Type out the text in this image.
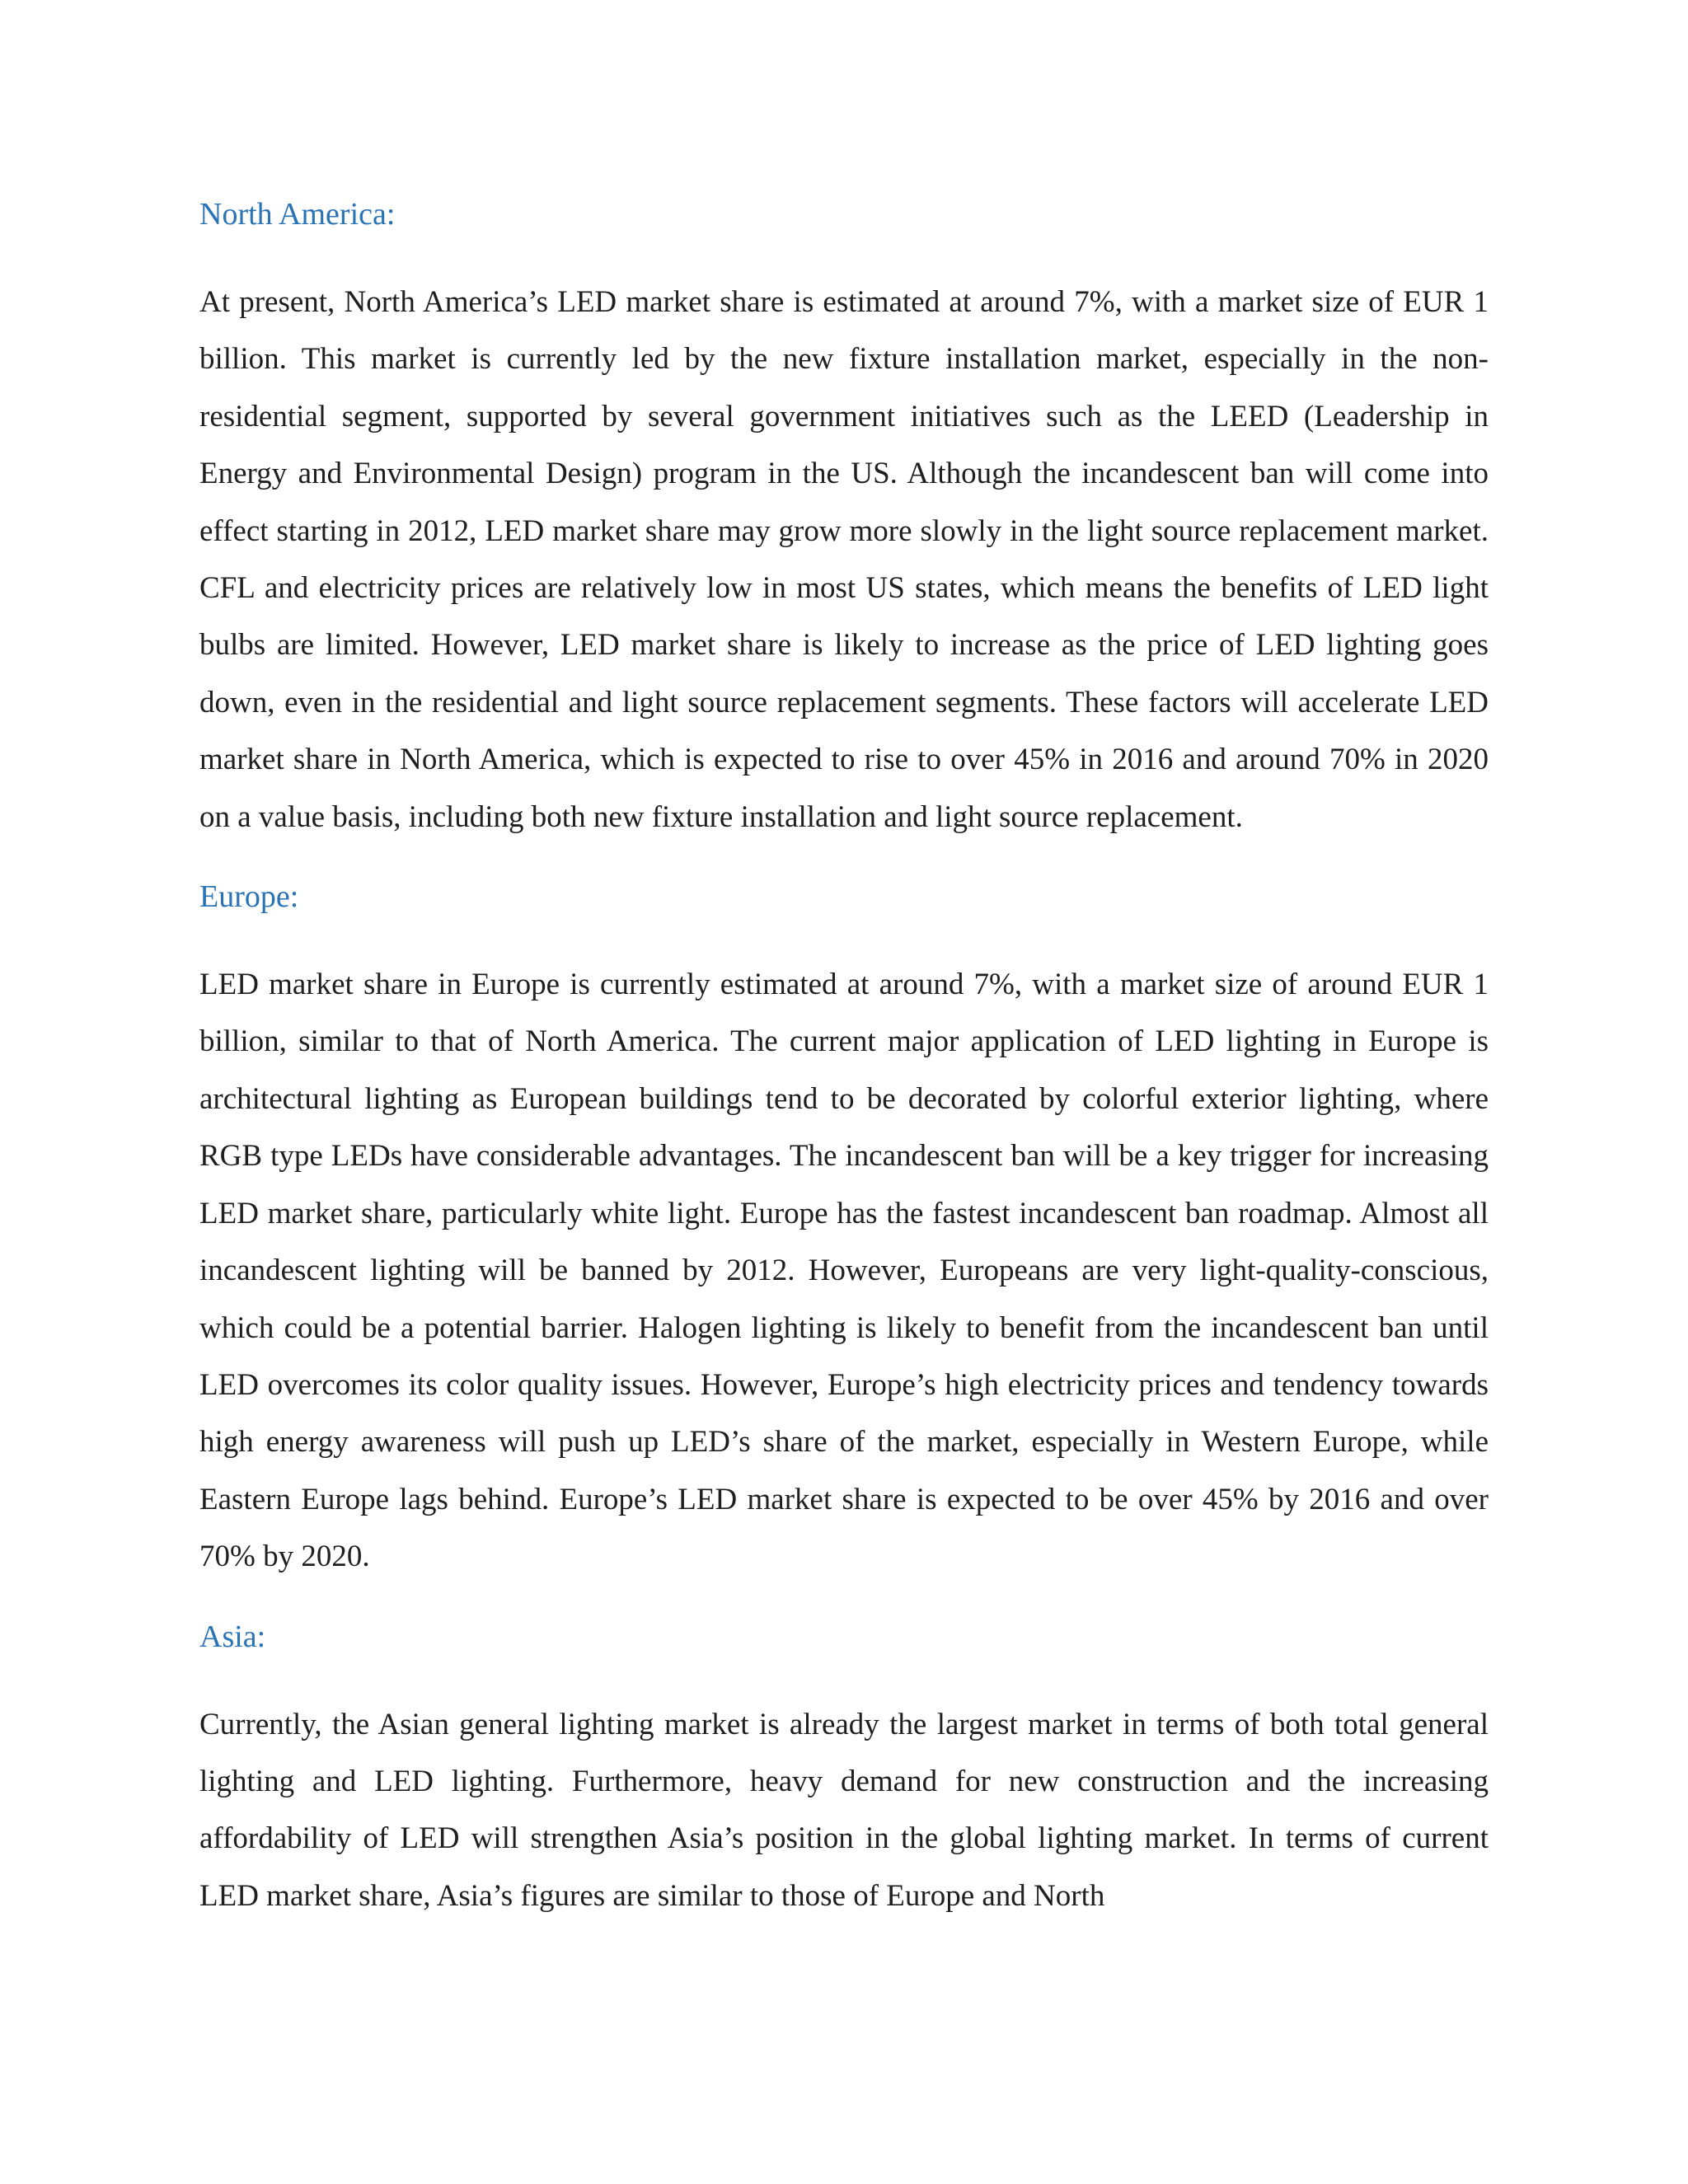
North America:

At present, North America’s LED market share is estimated at around 7%, with a market size of EUR 1 billion. This market is currently led by the new fixture installation market, especially in the non-residential segment, supported by several government initiatives such as the LEED (Leadership in Energy and Environmental Design) program in the US. Although the incandescent ban will come into effect starting in 2012, LED market share may grow more slowly in the light source replacement market. CFL and electricity prices are relatively low in most US states, which means the benefits of LED light bulbs are limited. However, LED market share is likely to increase as the price of LED lighting goes down, even in the residential and light source replacement segments. These factors will accelerate LED market share in North America, which is expected to rise to over 45% in 2016 and around 70% in 2020 on a value basis, including both new fixture installation and light source replacement.

Europe:

LED market share in Europe is currently estimated at around 7%, with a market size of around EUR 1 billion, similar to that of North America. The current major application of LED lighting in Europe is architectural lighting as European buildings tend to be decorated by colorful exterior lighting, where RGB type LEDs have considerable advantages. The incandescent ban will be a key trigger for increasing LED market share, particularly white light. Europe has the fastest incandescent ban roadmap. Almost all incandescent lighting will be banned by 2012. However, Europeans are very light-quality-conscious, which could be a potential barrier. Halogen lighting is likely to benefit from the incandescent ban until LED overcomes its color quality issues. However, Europe’s high electricity prices and tendency towards high energy awareness will push up LED’s share of the market, especially in Western Europe, while Eastern Europe lags behind. Europe’s LED market share is expected to be over 45% by 2016 and over 70% by 2020.

Asia:

Currently, the Asian general lighting market is already the largest market in terms of both total general lighting and LED lighting. Furthermore, heavy demand for new construction and the increasing affordability of LED will strengthen Asia’s position in the global lighting market. In terms of current LED market share, Asia’s figures are similar to those of Europe and North
